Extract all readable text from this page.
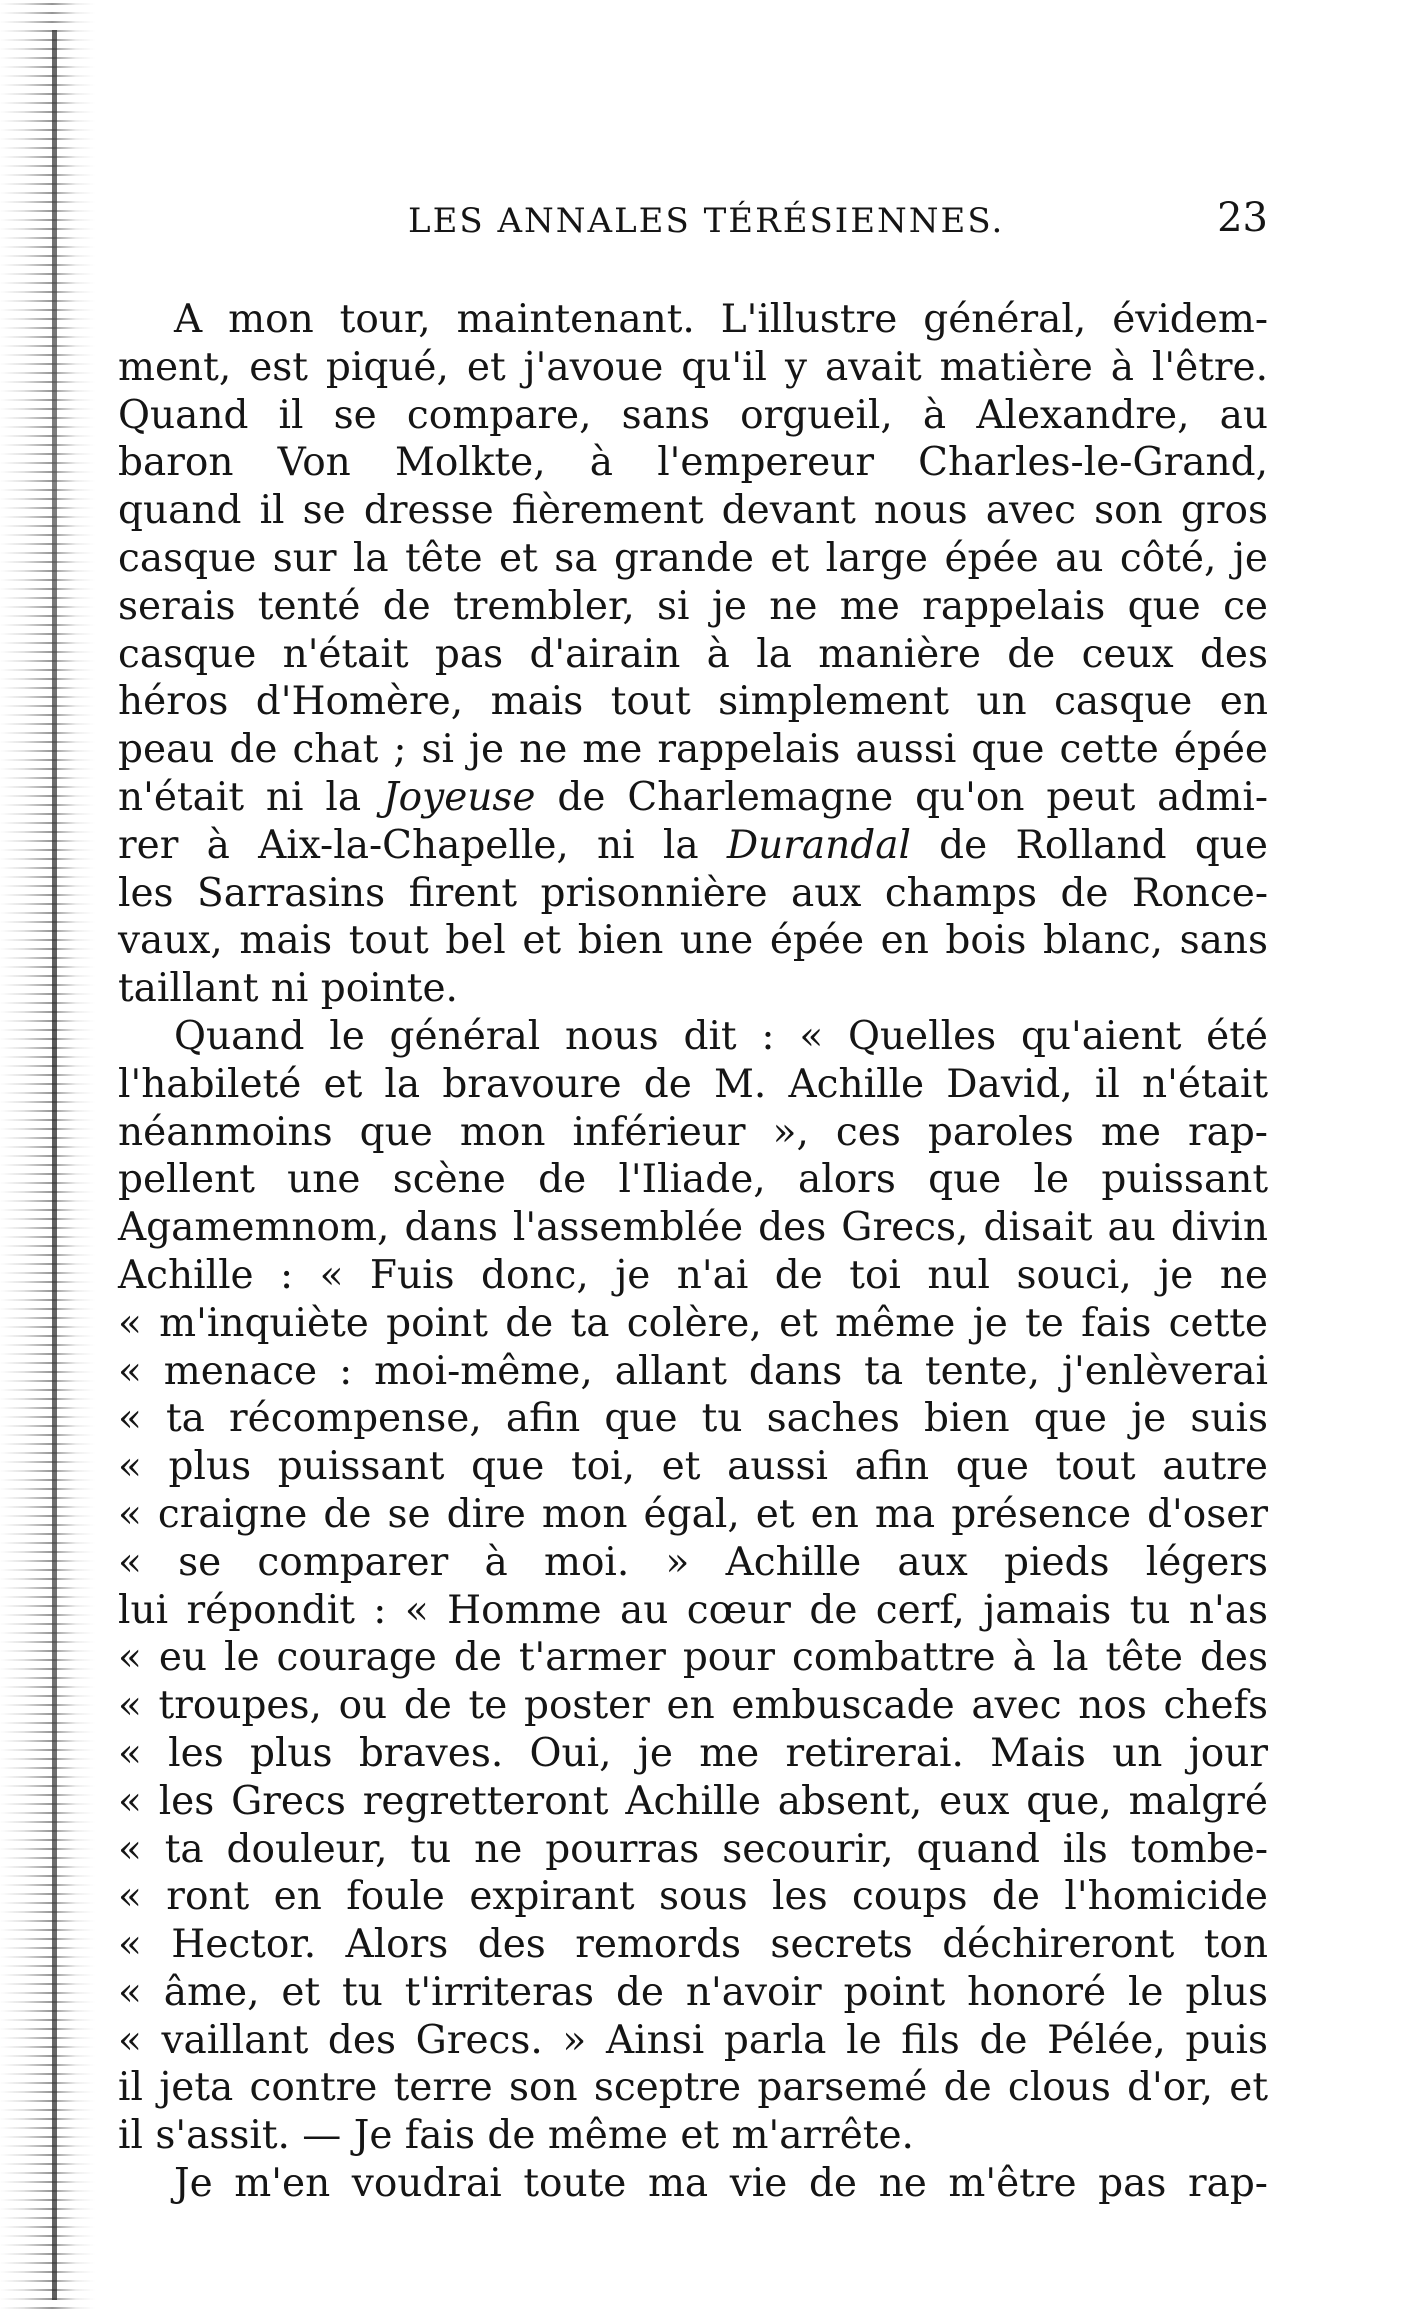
LES ANNALES TÉRÉSIENNES.	23
A mon tour, maintenant. L'illustre général, évidem-
ment, est piqué, et j'avoue qu'il y avait matière à l'être.
Quand il se compare, sans orgueil, à Alexandre, au
baron Von Molkte, à l'empereur Charles-le-Grand,
quand il se dresse fièrement devant nous avec son gros
casque sur la tête et sa grande et large épée au côté, je
serais tenté de trembler, si je ne me rappelais que ce
casque n'était pas d'airain à la manière de ceux des
héros d'Homère, mais tout simplement un casque en
peau de chat ; si je ne me rappelais aussi que cette épée
n'était ni la Joyeuse de Charlemagne qu'on peut admi-
rer à Aix-la-Chapelle, ni la Durandal de Rolland que
les Sarrasins firent prisonnière aux champs de Ronce-
vaux, mais tout bel et bien une épée en bois blanc, sans
taillant ni pointe.
Quand le général nous dit : « Quelles qu'aient été
l'habileté et la bravoure de M. Achille David, il n'était
néanmoins que mon inférieur », ces paroles me rap-
pellent une scène de l'Iliade, alors que le puissant
Agamemnom, dans l'assemblée des Grecs, disait au divin
Achille : « Fuis donc, je n'ai de toi nul souci, je ne
« m'inquiète point de ta colère, et même je te fais cette
« menace : moi-même, allant dans ta tente, j'enlèverai
« ta récompense, afin que tu saches bien que je suis
« plus puissant que toi, et aussi afin que tout autre
« craigne de se dire mon égal, et en ma présence d'oser
« se comparer à moi. » Achille aux pieds légers
lui répondit : « Homme au cœur de cerf, jamais tu n'as
« eu le courage de t'armer pour combattre à la tête des
« troupes, ou de te poster en embuscade avec nos chefs
« les plus braves. Oui, je me retirerai. Mais un jour
« les Grecs regretteront Achille absent, eux que, malgré
« ta douleur, tu ne pourras secourir, quand ils tombe-
« ront en foule expirant sous les coups de l'homicide
« Hector. Alors des remords secrets déchireront ton
« âme, et tu t'irriteras de n'avoir point honoré le plus
« vaillant des Grecs. » Ainsi parla le fils de Pélée, puis
il jeta contre terre son sceptre parsemé de clous d'or, et
il s'assit. — Je fais de même et m'arrête.
Je m'en voudrai toute ma vie de ne m'être pas rap-
